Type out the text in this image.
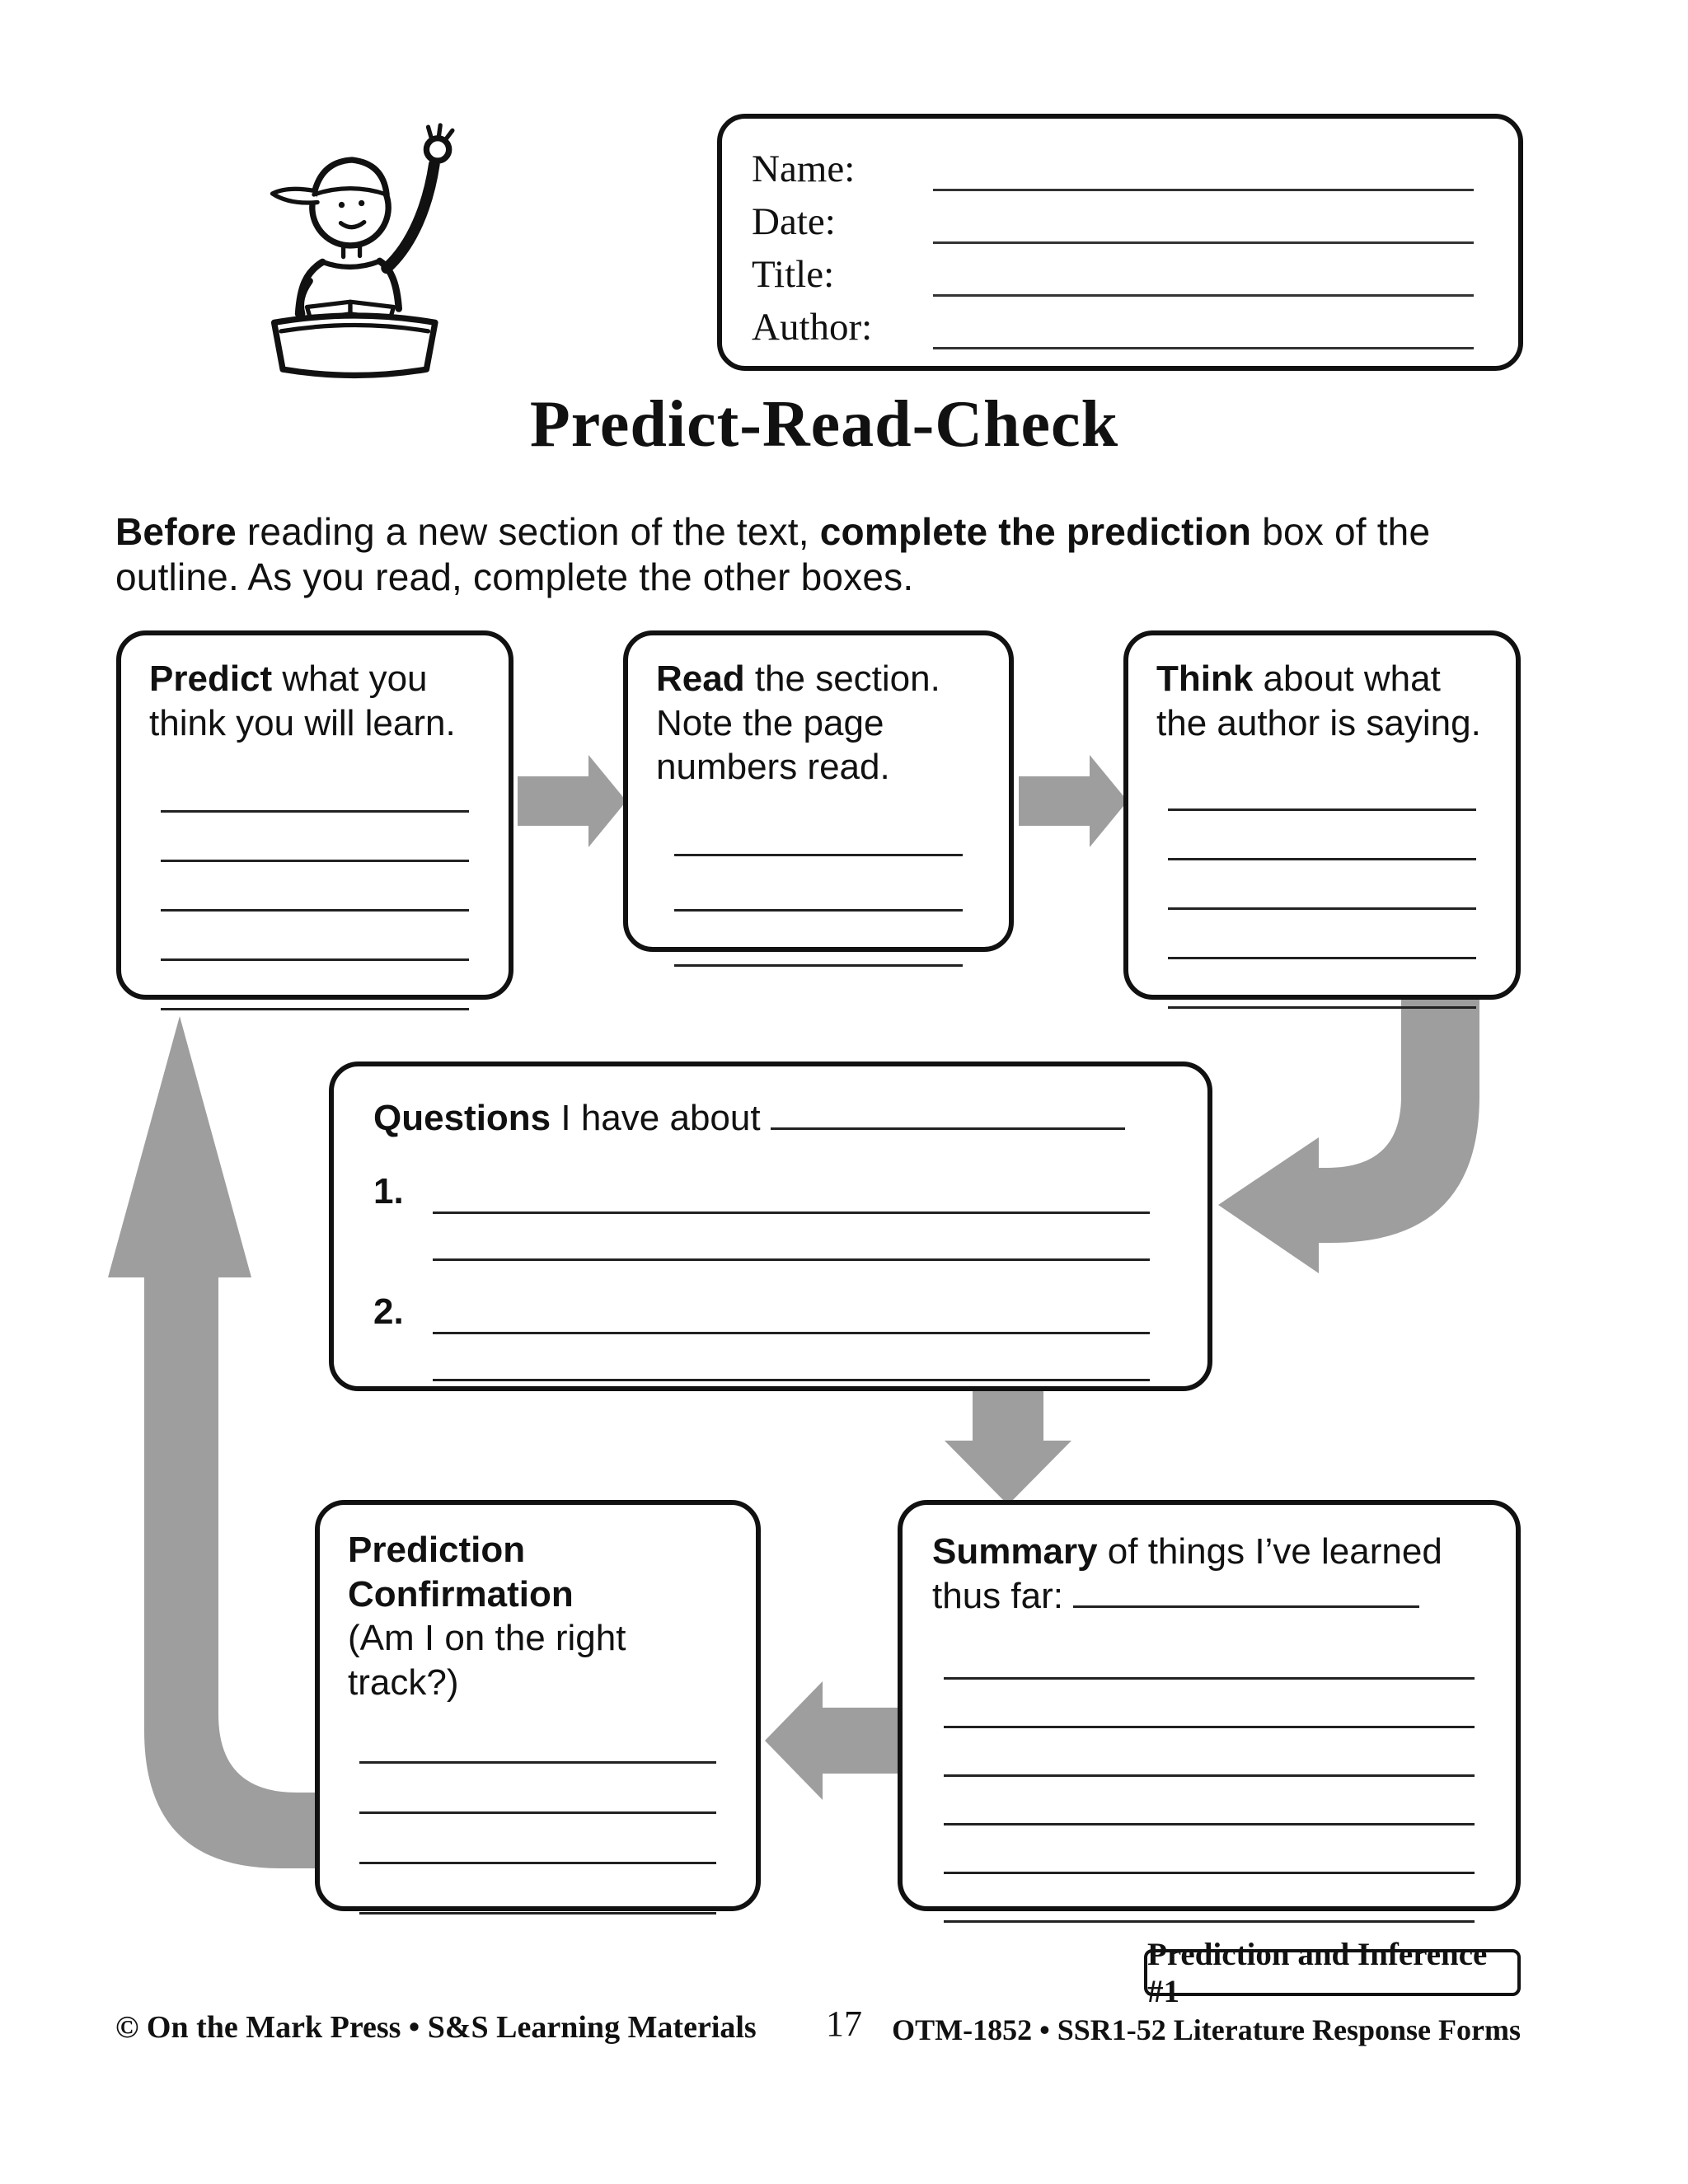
Name:
Date:
Title:
Author:
Predict-Read-Check

Before reading a new section of the text, complete the prediction box of the outline. As you read, complete the other boxes.

Predict what you think you will learn.

Read the section. Note the page numbers read.

Think about what the author is saying.

Questions I have about

1.
2.

Summary of things I’ve learned thus far:

Prediction Confirmation
(Am I on the right track?)

Prediction and Inference #1
© On the Mark Press • S&S Learning Materials	17	OTM-1852 • SSR1-52 Literature Response Forms
